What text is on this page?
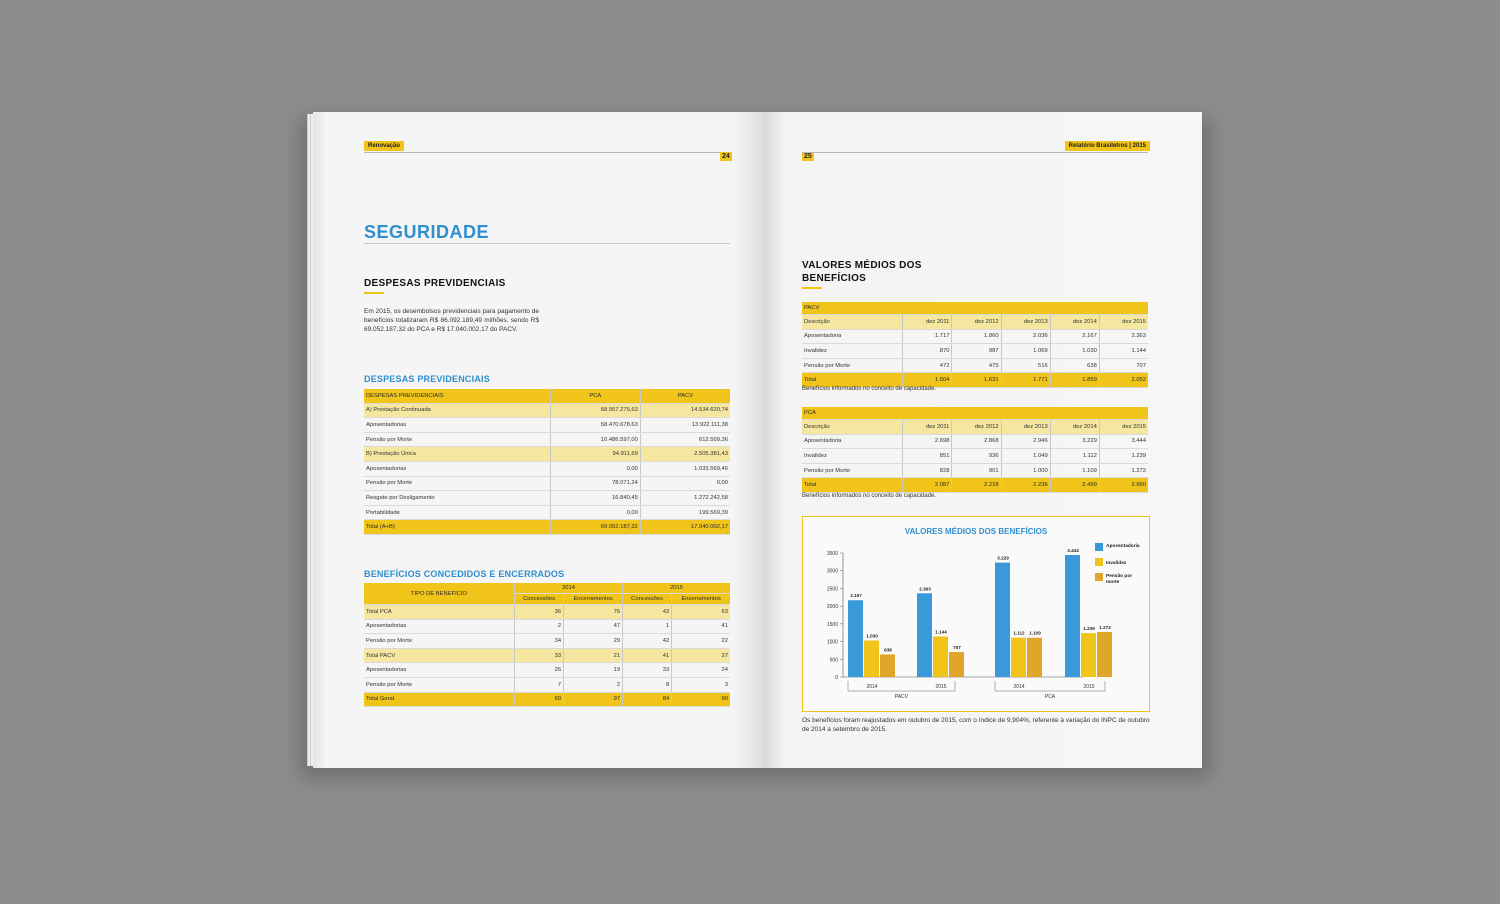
Renovação
24
SEGURIDADE
DESPESAS PREVIDENCIAIS
Em 2015, os desembolsos previdenciais para pagamento de benefícios totalizaram R$ 86.092.189,49 milhões, sendo R$ 69.052.187,32 do PCA e R$ 17.040.002,17 do PACV.
DESPESAS PREVIDENCIAIS
DESPESAS PREVIDENCIAIS	PCA	PACV
A) Prestação Continuada	68.957.275,63	14.534.620,74
Aposentadorias	58.470.678,63	13.922.111,38
Pensão por Morte	10.486.597,00	612.509,36
B) Prestação Única	94.911,69	2.505.381,43
Aposentadorias	0,00	1.033.569,46
Pensão por Morte	78.071,24	0,00
Resgate por Desligamento	16.840,45	1.272.242,58
Portabilidade	0,00	199.569,39
Total (A+B)	69.052.187,32	17.040.002,17
BENEFÍCIOS CONCEDIDOS E ENCERRADOS
TIPO DE BENEFÍCIO	2014		2015	
	Concessões	Encerramentos	Concessões	Encerramentos
Total PCA	36	76	43	63
Aposentadorias	2	47	1	41
Pensão por Morte	34	29	42	22
Total PACV	33	21	41	27
Aposentadorias	26	19	33	24
Pensão por Morte	7	2	8	3
Total Geral	69	97	84	90
25
Relatório Brasiletros | 2015
VALORES MÉDIOS DOS
BENEFÍCIOS
PACV					
Descrição	dez 2011	dez 2012	dez 2013	dez 2014	dez 2015
Aposentadoria	1.717	1.860	2.036	2.167	2.363
Invalidez	870	987	1.069	1.030	1.144
Pensão por Morte	472	475	516	638	707
Total	1.504	1.631	1.771	1.859	2.052
Benefícios informados no conceito de capacidade.
PCA					
Descrição	dez 2011	dez 2012	dez 2013	dez 2014	dez 2015
Aposentadoria	2.698	2.868	2.946	3.229	3.444
Invalidez	851	936	1.049	1.112	1.239
Pensão por Morte	828	901	1.000	1.109	1.272
Total	2.087	2.218	2.236	2.499	2.660
Benefícios informados no conceito de capacidade.
VALORES MÉDIOS DOS BENEFÍCIOS
0
500
1000
1500
2000
2500
3000
3500
2.167
1.030
638
2014
2.363
1.144
707
2015
3.229
1.112 1.109
2014
3.444
1.239 1.272
2015
PACV	PCA
Aposentadoria
Invalidez
Pensão por
morte
Os benefícios foram reajustados em outubro de 2015, com o índice de 9,904%, referente à variação do INPC de outubro de 2014 a setembro de 2015.
